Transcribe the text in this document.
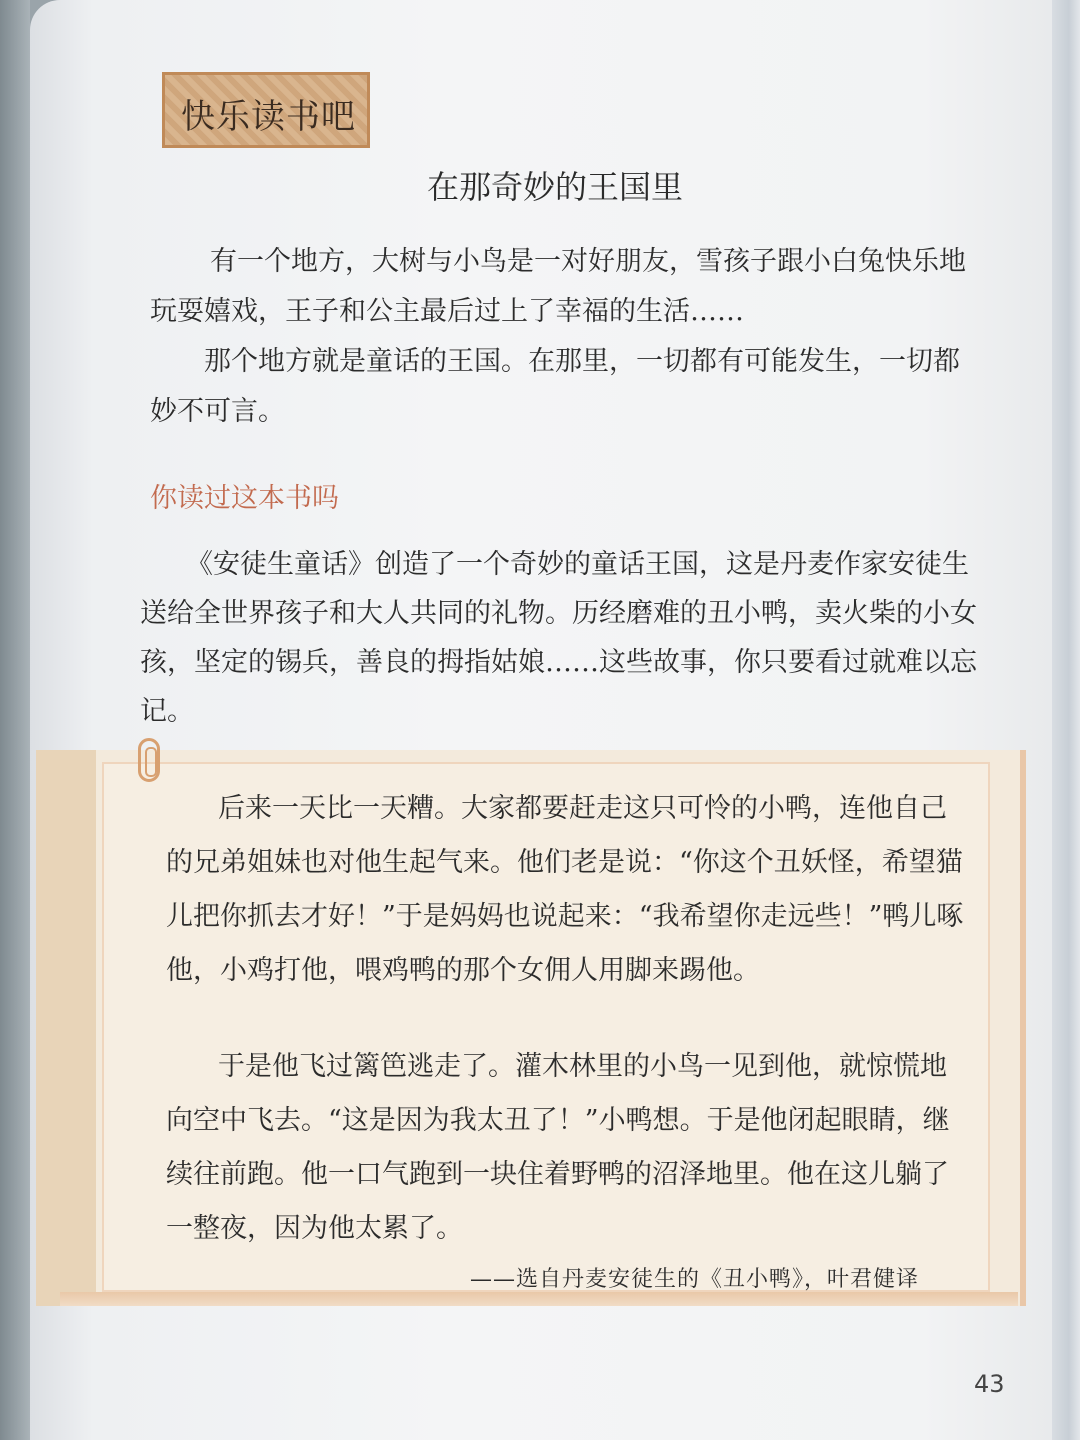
快乐读书吧
在那奇妙的王国里
有一个地方，大树与小鸟是一对好朋友，雪孩子跟小白兔快乐地玩耍嬉戏，王子和公主最后过上了幸福的生活……
那个地方就是童话的王国。在那里，一切都有可能发生，一切都妙不可言。
你读过这本书吗
《安徒生童话》创造了一个奇妙的童话王国，这是丹麦作家安徒生送给全世界孩子和大人共同的礼物。历经磨难的丑小鸭，卖火柴的小女孩，坚定的锡兵，善良的拇指姑娘……这些故事，你只要看过就难以忘记。
后来一天比一天糟。大家都要赶走这只可怜的小鸭，连他自己的兄弟姐妹也对他生起气来。他们老是说：“你这个丑妖怪，希望猫儿把你抓去才好！”于是妈妈也说起来：“我希望你走远些！”鸭儿啄他，小鸡打他，喂鸡鸭的那个女佣人用脚来踢他。
于是他飞过篱笆逃走了。灌木林里的小鸟一见到他，就惊慌地向空中飞去。“这是因为我太丑了！”小鸭想。于是他闭起眼睛，继续往前跑。他一口气跑到一块住着野鸭的沼泽地里。他在这儿躺了一整夜，因为他太累了。
——选自丹麦安徒生的《丑小鸭》，叶君健译
43
